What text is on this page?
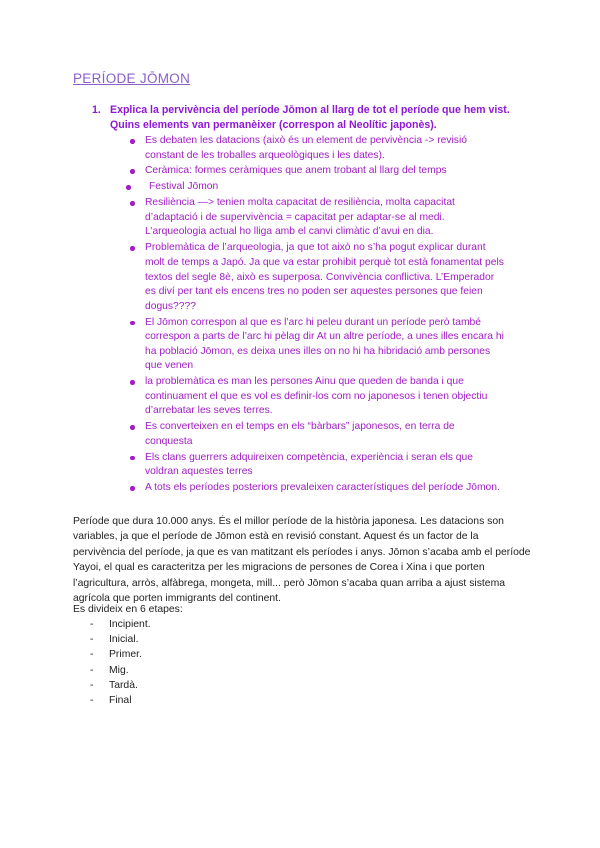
PERÍODE JŌMON
1. Explica la pervivència del període Jōmon al llarg de tot el període que hem vist. Quins elements van permanèixer (correspon al Neolític japonès).
Es debaten les datacions (això és un element de pervivència -> revisió constant de les troballes arqueològiques i les dates).
Ceràmica: formes ceràmiques que anem trobant al llarg del temps
Festival Jōmon
Resiliència —> tenien molta capacitat de resiliència, molta capacitat d’adaptació i de supervivència = capacitat per adaptar-se al medi. L’arqueologia actual ho lliga amb el canvi climàtic d’avui en dia.
Problemàtica de l’arqueologia, ja que tot això no s’ha pogut explicar durant molt de temps a Japó. Ja que va estar prohibit perquè tot està fonamentat pels textos del segle 8è, això es superposa. Convivència conflictiva. L’Emperador es diví per tant els encens tres no poden ser aquestes persones que feien dogus????
El Jōmon correspon al que es l’arc hi peleu durant un període però també correspon a parts de l’arc hi pèlag dir At un altre període, a unes illes encara hi ha població Jōmon, es deixa unes illes on no hi ha hibridació amb persones que venen
la problemàtica es man les persones Ainu que queden de banda i que continuament el que es vol es definir-los com no japonesos i tenen objectiu d’arrebatar les seves terres.
Es converteixen en el temps en els “bàrbars” japonesos, en terra de conquesta
Els clans guerrers adquireixen competència, experiència i seran els que voldran aquestes terres
A tots els períodes posteriors prevaleixen característiques del període Jōmon.

Període que dura 10.000 anys. És el millor període de la història japonesa. Les datacions son variables, ja que el període de Jōmon està en revisió constant. Aquest és un factor de la pervivència del període, ja que es van matitzant els períodes i anys. Jōmon s’acaba amb el període Yayoi, el qual es caracteritza per les migracions de persones de Corea i Xina i que porten l’agricultura, arròs, alfàbrega, mongeta, mill... però Jōmon s’acaba quan arriba a ajust sistema agrícola que porten immigrants del continent.

Es divideix en 6 etapes:
- Incipient.
- Inicial.
- Primer.
- Mig.
- Tardà.
- Final
